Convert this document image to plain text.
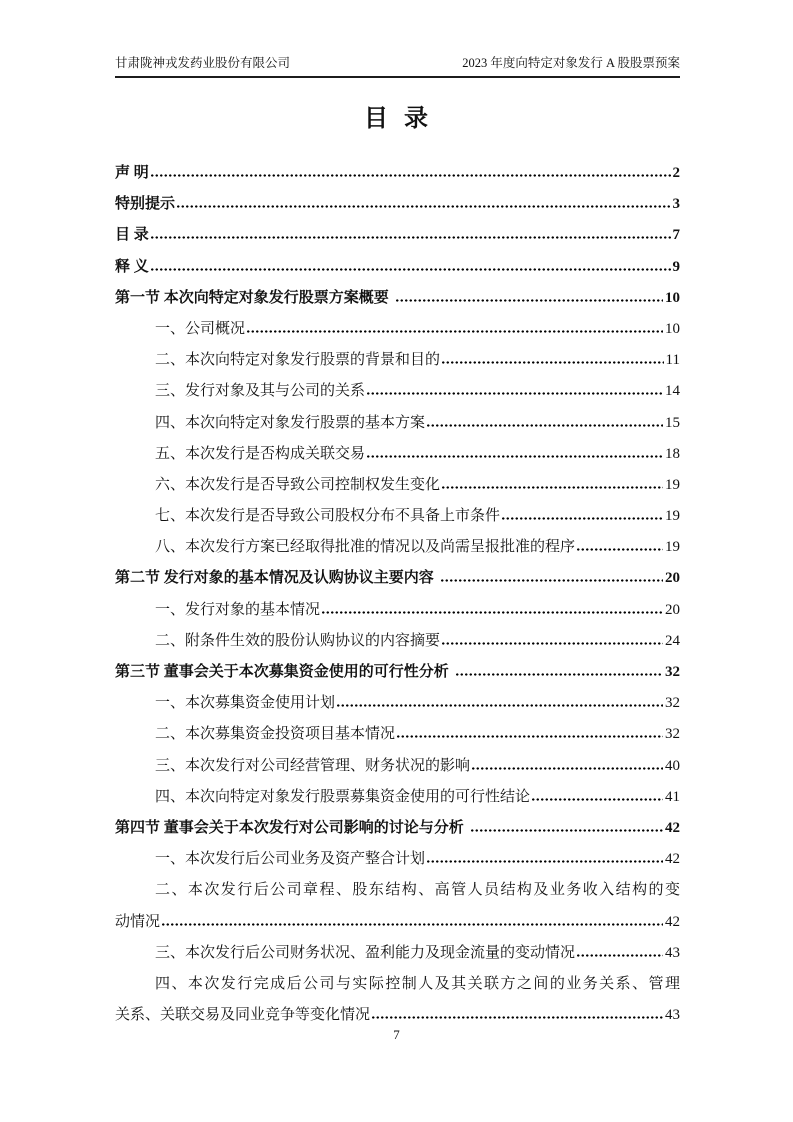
甘肃陇神戎发药业股份有限公司	2023 年度向特定对象发行 A 股股票预案
目 录
声 明	2
特别提示	3
目 录	7
释 义	9
第一节 本次向特定对象发行股票方案概要	10
一、公司概况	10
二、本次向特定对象发行股票的背景和目的	11
三、发行对象及其与公司的关系	14
四、本次向特定对象发行股票的基本方案	15
五、本次发行是否构成关联交易	18
六、本次发行是否导致公司控制权发生变化	19
七、本次发行是否导致公司股权分布不具备上市条件	19
八、本次发行方案已经取得批准的情况以及尚需呈报批准的程序	19
第二节 发行对象的基本情况及认购协议主要内容	20
一、发行对象的基本情况	20
二、附条件生效的股份认购协议的内容摘要	24
第三节 董事会关于本次募集资金使用的可行性分析	32
一、本次募集资金使用计划	32
二、本次募集资金投资项目基本情况	32
三、本次发行对公司经营管理、财务状况的影响	40
四、本次向特定对象发行股票募集资金使用的可行性结论	41
第四节 董事会关于本次发行对公司影响的讨论与分析	42
一、本次发行后公司业务及资产整合计划	42
二、本次发行后公司章程、股东结构、高管人员结构及业务收入结构的变
动情况	42
三、本次发行后公司财务状况、盈利能力及现金流量的变动情况	43
四、本次发行完成后公司与实际控制人及其关联方之间的业务关系、管理
关系、关联交易及同业竞争等变化情况	43
7
